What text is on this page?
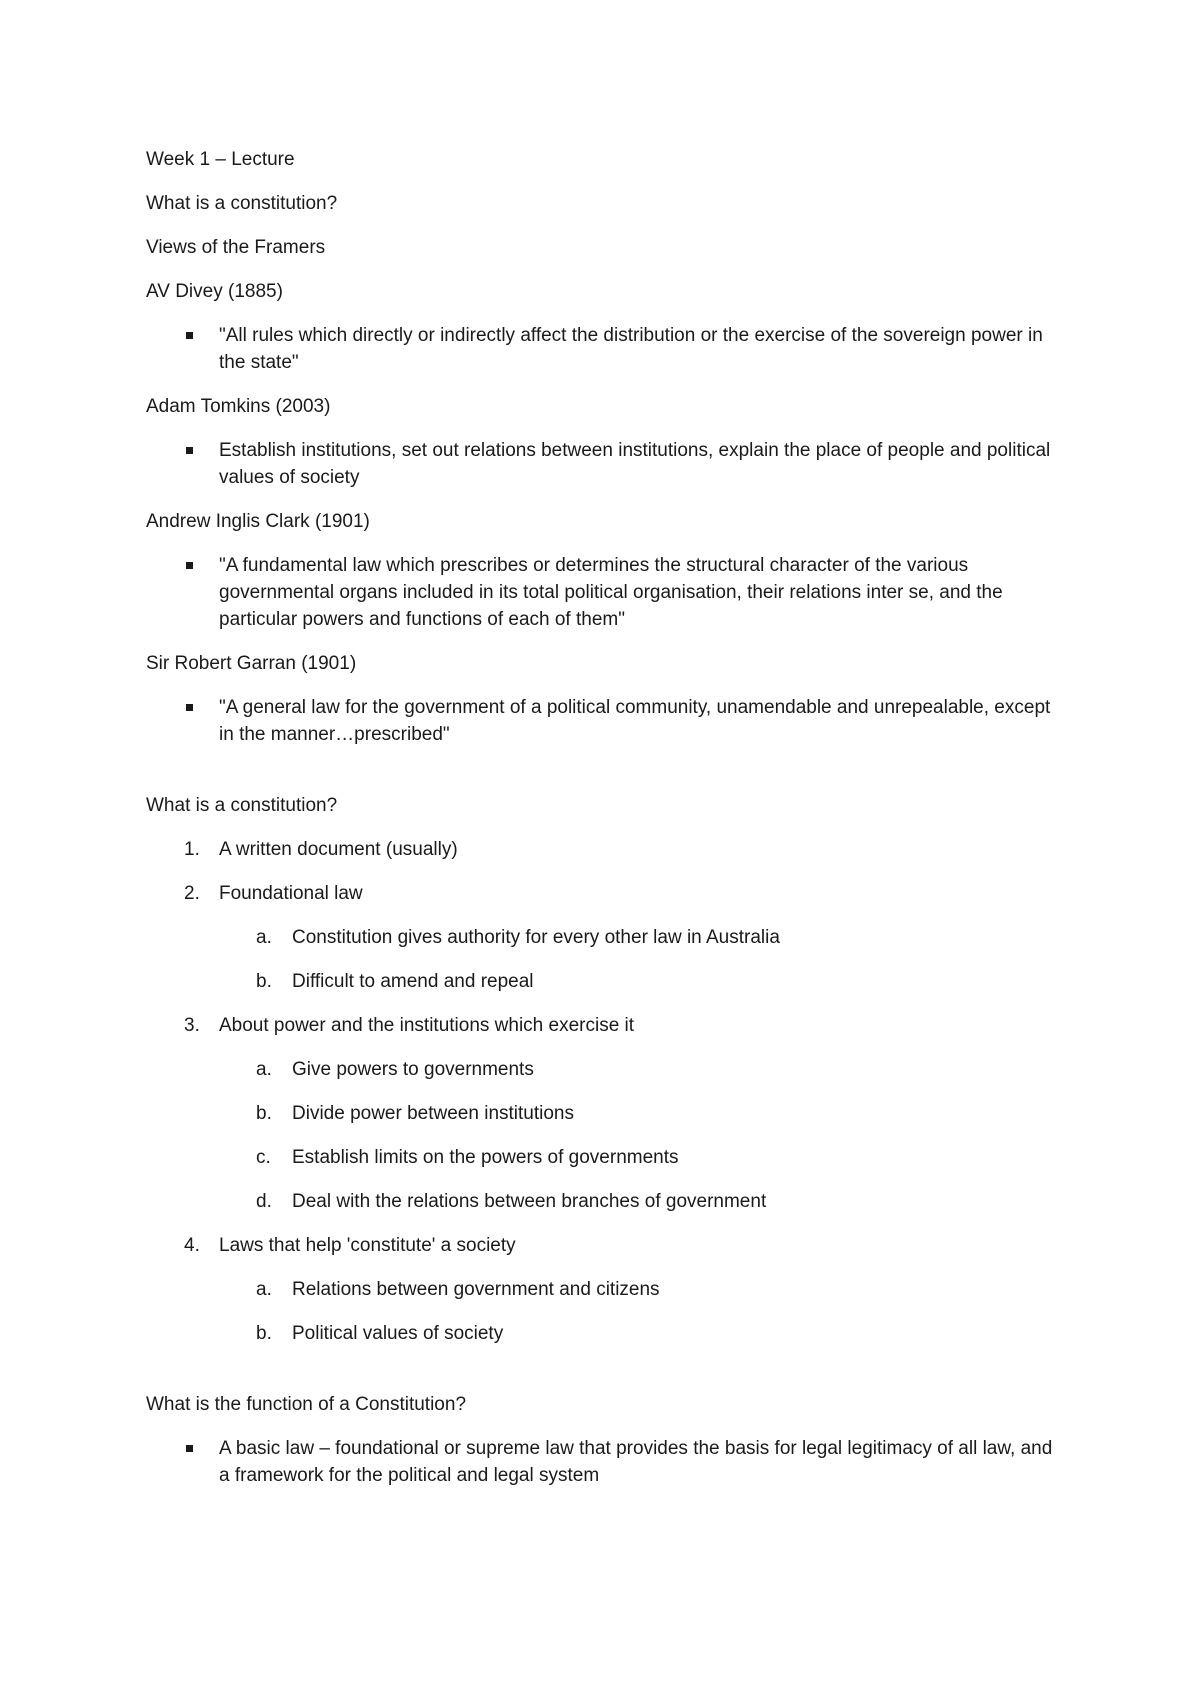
Week 1 – Lecture

What is a constitution?

Views of the Framers

AV Divey (1885)

"All rules which directly or indirectly affect the distribution or the exercise of the sovereign power in the state"

Adam Tomkins (2003)

Establish institutions, set out relations between institutions, explain the place of people and political values of society

Andrew Inglis Clark (1901)

"A fundamental law which prescribes or determines the structural character of the various governmental organs included in its total political organisation, their relations inter se, and the particular powers and functions of each of them"

Sir Robert Garran (1901)

"A general law for the government of a political community, unamendable and unrepealable, except in the manner…prescribed"

What is a constitution?

1.	A written document (usually)
2.	Foundational law
a.	Constitution gives authority for every other law in Australia
b.	Difficult to amend and repeal
3.	About power and the institutions which exercise it
a.	Give powers to governments
b.	Divide power between institutions
c.	Establish limits on the powers of governments
d.	Deal with the relations between branches of government
4.	Laws that help 'constitute' a society
a.	Relations between government and citizens
b.	Political values of society

What is the function of a Constitution?

A basic law – foundational or supreme law that provides the basis for legal legitimacy of all law, and a framework for the political and legal system
